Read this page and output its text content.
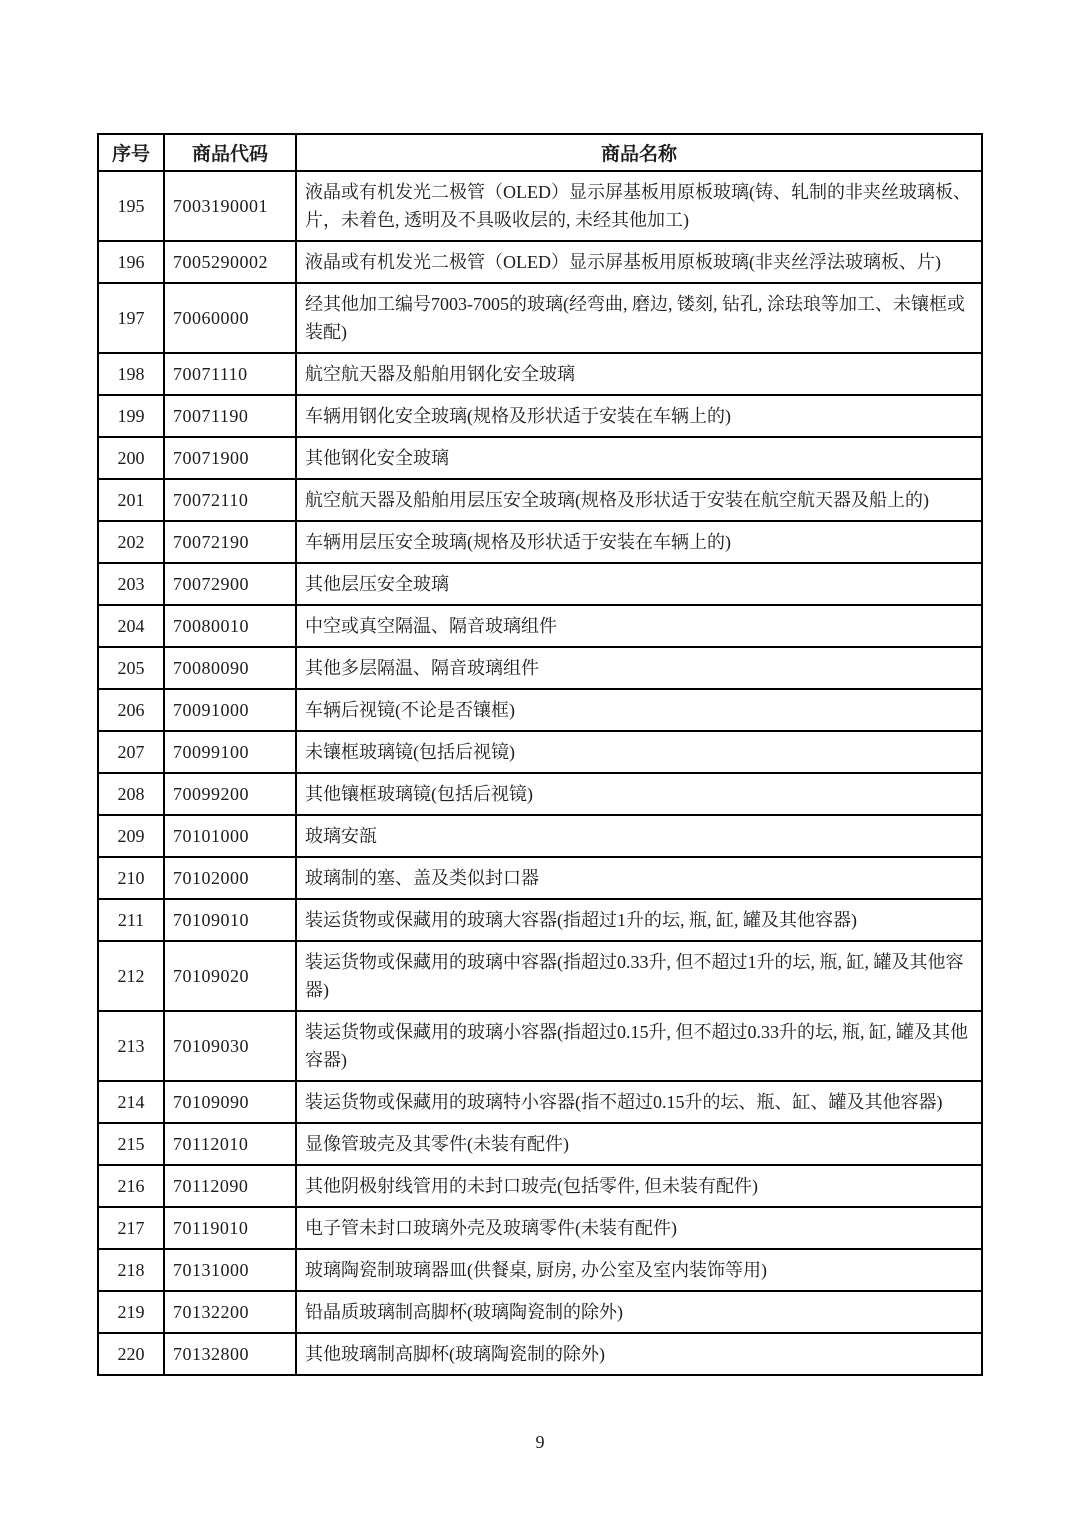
序号	商品代码	商品名称
195	7003190001	液晶或有机发光二极管（OLED）显示屏基板用原板玻璃(铸、轧制的非夹丝玻璃板、片，未着色, 透明及不具吸收层的, 未经其他加工)
196	7005290002	液晶或有机发光二极管（OLED）显示屏基板用原板玻璃(非夹丝浮法玻璃板、片)
197	70060000	经其他加工编号7003-7005的玻璃(经弯曲, 磨边, 镂刻, 钻孔, 涂珐琅等加工、未镶框或装配)
198	70071110	航空航天器及船舶用钢化安全玻璃
199	70071190	车辆用钢化安全玻璃(规格及形状适于安装在车辆上的)
200	70071900	其他钢化安全玻璃
201	70072110	航空航天器及船舶用层压安全玻璃(规格及形状适于安装在航空航天器及船上的)
202	70072190	车辆用层压安全玻璃(规格及形状适于安装在车辆上的)
203	70072900	其他层压安全玻璃
204	70080010	中空或真空隔温、隔音玻璃组件
205	70080090	其他多层隔温、隔音玻璃组件
206	70091000	车辆后视镜(不论是否镶框)
207	70099100	未镶框玻璃镜(包括后视镜)
208	70099200	其他镶框玻璃镜(包括后视镜)
209	70101000	玻璃安瓿
210	70102000	玻璃制的塞、盖及类似封口器
211	70109010	装运货物或保藏用的玻璃大容器(指超过1升的坛, 瓶, 缸, 罐及其他容器)
212	70109020	装运货物或保藏用的玻璃中容器(指超过0.33升, 但不超过1升的坛, 瓶, 缸, 罐及其他容器)
213	70109030	装运货物或保藏用的玻璃小容器(指超过0.15升, 但不超过0.33升的坛, 瓶, 缸, 罐及其他容器)
214	70109090	装运货物或保藏用的玻璃特小容器(指不超过0.15升的坛、瓶、缸、罐及其他容器)
215	70112010	显像管玻壳及其零件(未装有配件)
216	70112090	其他阴极射线管用的未封口玻壳(包括零件, 但未装有配件)
217	70119010	电子管未封口玻璃外壳及玻璃零件(未装有配件)
218	70131000	玻璃陶瓷制玻璃器皿(供餐桌, 厨房, 办公室及室内装饰等用)
219	70132200	铅晶质玻璃制高脚杯(玻璃陶瓷制的除外)
220	70132800	其他玻璃制高脚杯(玻璃陶瓷制的除外)
9
